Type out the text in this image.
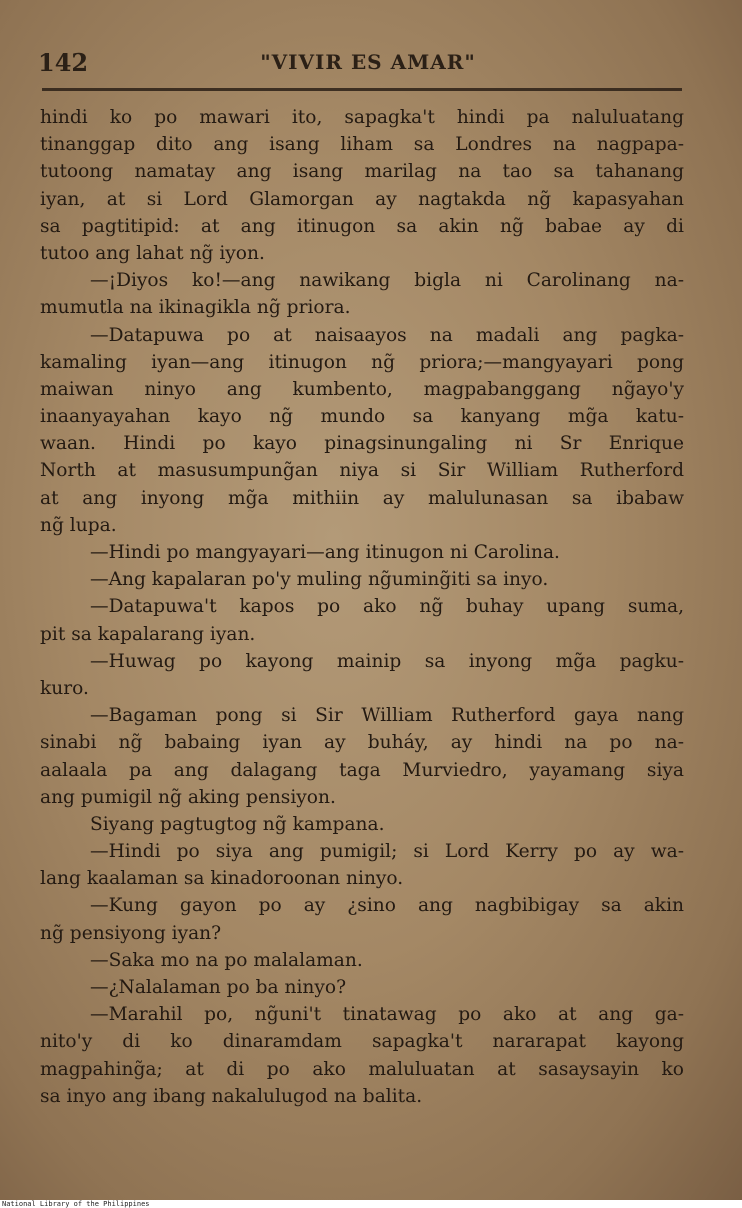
142	"VIVIR ES AMAR"
hindi ko po mawari ito, sapagka't hindi pa naluluatang
tinanggap dito ang isang liham sa Londres na nagpapa-
tutoong namatay ang isang marilag na tao sa tahanang
iyan, at si Lord Glamorgan ay nagtakda ng̃ kapasyahan
sa pagtitipid: at ang itinugon sa akin ng̃ babae ay di
tutoo ang lahat ng̃ iyon.
—¡Diyos ko!—ang nawikang bigla ni Carolinang na-
mumutla na ikinagikla ng̃ priora.
—Datapuwa po at naisaayos na madali ang pagka-
kamaling iyan—ang itinugon ng̃ priora;—mangyayari pong
maiwan ninyo ang kumbento, magpabanggang ng̃ayo'y
inaanyayahan kayo ng̃ mundo sa kanyang mg̃a katu-
waan. Hindi po kayo pinagsinungaling ni Sr Enrique
North at masusumpung̃an niya si Sir William Rutherford
at ang inyong mg̃a mithiin ay malulunasan sa ibabaw
ng̃ lupa.
—Hindi po mangyayari—ang itinugon ni Carolina.
—Ang kapalaran po'y muling ng̃uming̃iti sa inyo.
—Datapuwa't kapos po ako ng̃ buhay upang suma,
pit sa kapalarang iyan.
—Huwag po kayong mainip sa inyong mg̃a pagku-
kuro.
—Bagaman pong si Sir William Rutherford gaya nang
sinabi ng̃ babaing iyan ay buháy, ay hindi na po na-
aalaala pa ang dalagang taga Murviedro, yayamang siya
ang pumigil ng̃ aking pensiyon.
Siyang pagtugtog ng̃ kampana.
—Hindi po siya ang pumigil; si Lord Kerry po ay wa-
lang kaalaman sa kinadoroonan ninyo.
—Kung gayon po ay ¿sino ang nagbibigay sa akin
ng̃ pensiyong iyan?
—Saka mo na po malalaman.
—¿Nalalaman po ba ninyo?
—Marahil po, ng̃uni't tinatawag po ako at ang ga-
nito'y di ko dinaramdam sapagka't nararapat kayong
magpahing̃a; at di po ako maluluatan at sasaysayin ko
sa inyo ang ibang nakalulugod na balita.
National Library of the Philippines
